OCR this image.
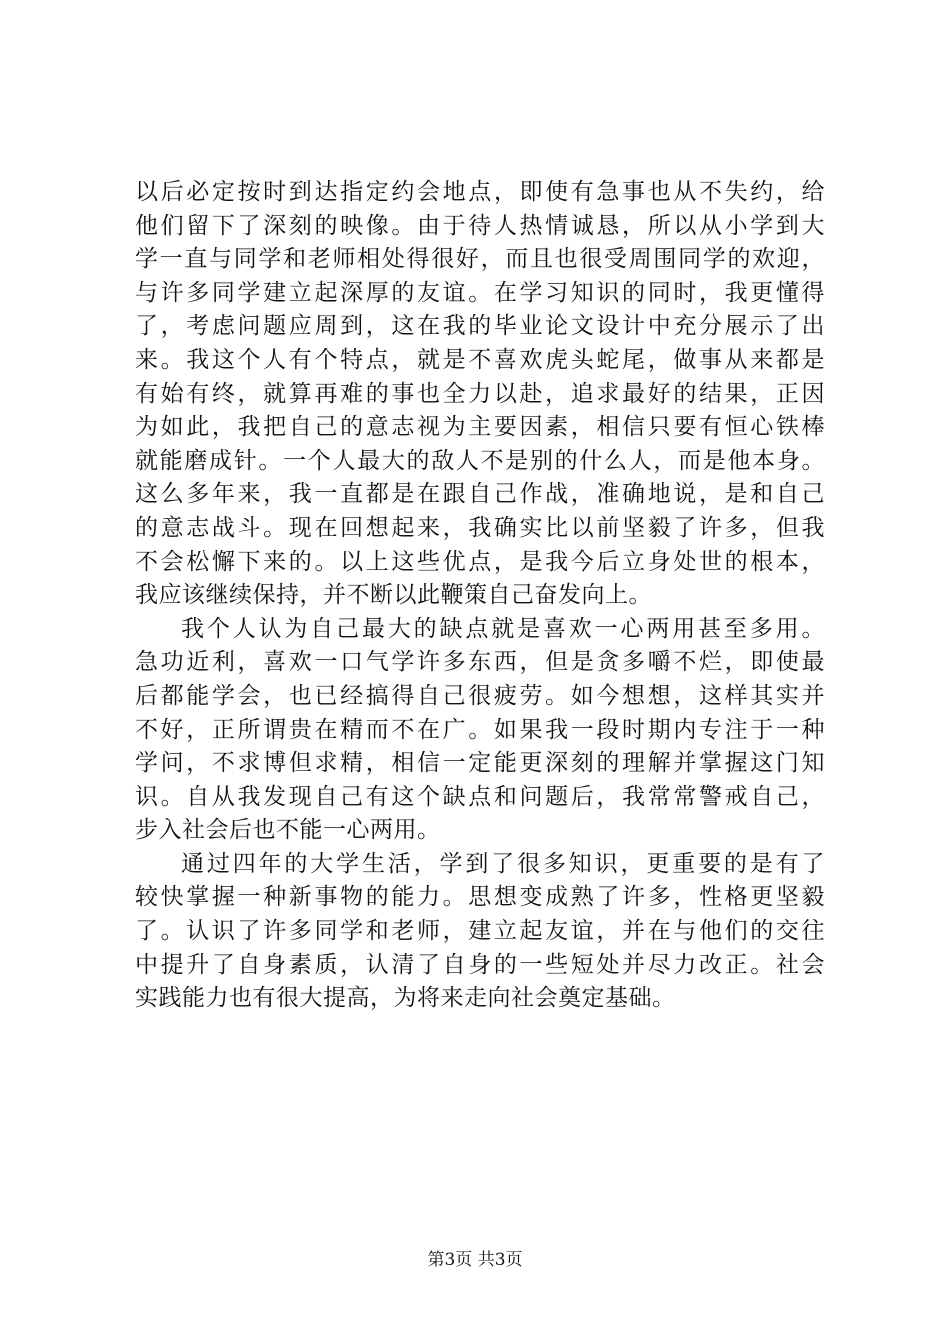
以后必定按时到达指定约会地点，即使有急事也从不失约，给
他们留下了深刻的映像。由于待人热情诚恳，所以从小学到大
学一直与同学和老师相处得很好，而且也很受周围同学的欢迎，
与许多同学建立起深厚的友谊。在学习知识的同时，我更懂得
了，考虑问题应周到，这在我的毕业论文设计中充分展示了出
来。我这个人有个特点，就是不喜欢虎头蛇尾，做事从来都是
有始有终，就算再难的事也全力以赴，追求最好的结果，正因
为如此，我把自己的意志视为主要因素，相信只要有恒心铁棒
就能磨成针。一个人最大的敌人不是别的什么人，而是他本身。
这么多年来，我一直都是在跟自己作战，准确地说，是和自己
的意志战斗。现在回想起来，我确实比以前坚毅了许多，但我
不会松懈下来的。以上这些优点，是我今后立身处世的根本，
我应该继续保持，并不断以此鞭策自己奋发向上。
我个人认为自己最大的缺点就是喜欢一心两用甚至多用。
急功近利，喜欢一口气学许多东西，但是贪多嚼不烂，即使最
后都能学会，也已经搞得自己很疲劳。如今想想，这样其实并
不好，正所谓贵在精而不在广。如果我一段时期内专注于一种
学问，不求博但求精，相信一定能更深刻的理解并掌握这门知
识。自从我发现自己有这个缺点和问题后，我常常警戒自己，
步入社会后也不能一心两用。
通过四年的大学生活，学到了很多知识，更重要的是有了
较快掌握一种新事物的能力。思想变成熟了许多，性格更坚毅
了。认识了许多同学和老师，建立起友谊，并在与他们的交往
中提升了自身素质，认清了自身的一些短处并尽力改正。社会
实践能力也有很大提高，为将来走向社会奠定基础。
第3页 共3页
